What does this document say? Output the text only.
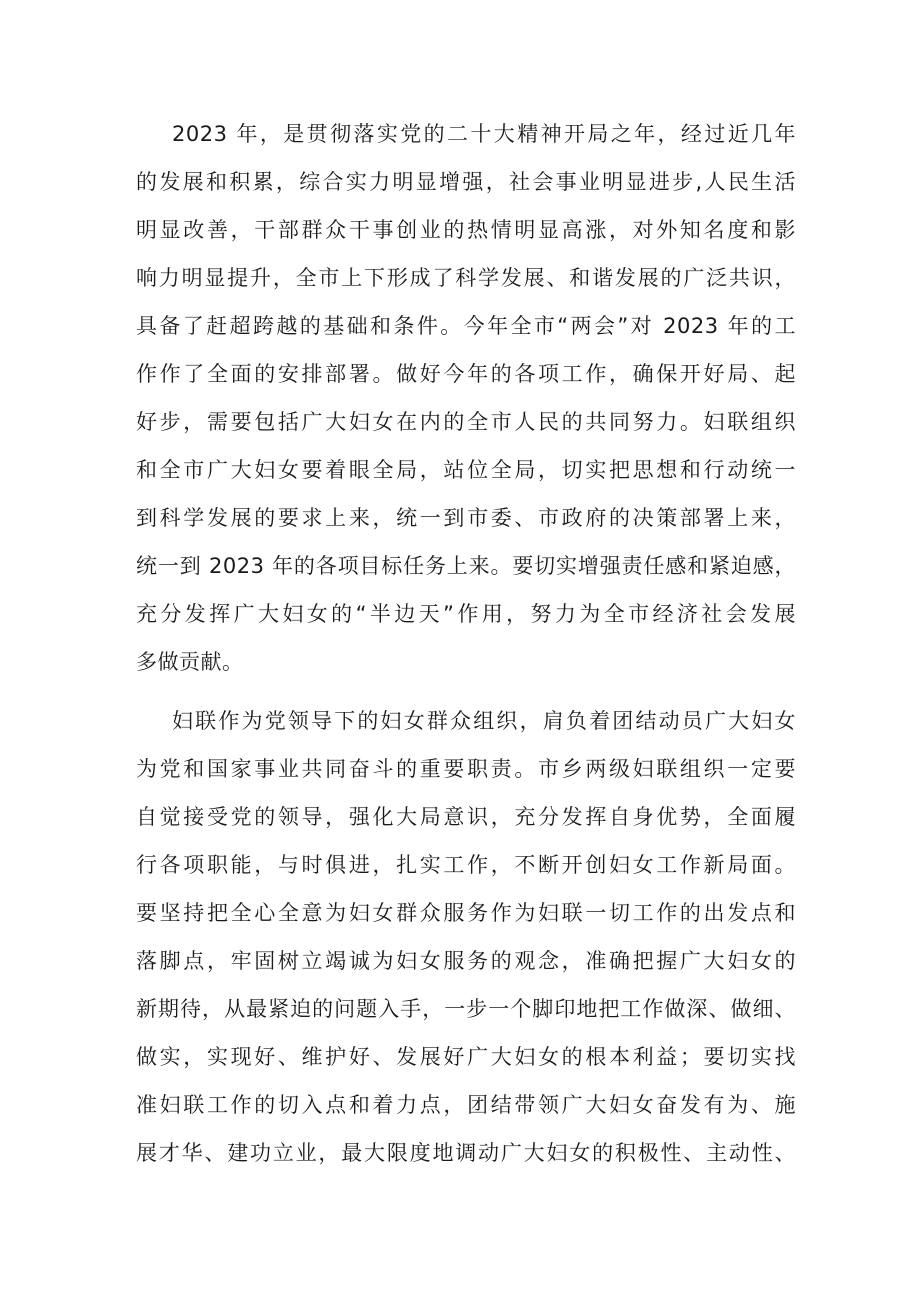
2023 年，是贯彻落实党的二十大精神开局之年，经过近几年
的发展和积累，综合实力明显增强，社会事业明显进步,人民生活
明显改善，干部群众干事创业的热情明显高涨，对外知名度和影
响力明显提升，全市上下形成了科学发展、和谐发展的广泛共识，
具备了赶超跨越的基础和条件。今年全市“两会”对 2023 年的工
作作了全面的安排部署。做好今年的各项工作，确保开好局、起
好步，需要包括广大妇女在内的全市人民的共同努力。妇联组织
和全市广大妇女要着眼全局，站位全局，切实把思想和行动统一
到科学发展的要求上来，统一到市委、市政府的决策部署上来，
统一到 2023 年的各项目标任务上来。要切实增强责任感和紧迫感，
充分发挥广大妇女的“半边天”作用，努力为全市经济社会发展
多做贡献。
妇联作为党领导下的妇女群众组织，肩负着团结动员广大妇女
为党和国家事业共同奋斗的重要职责。市乡两级妇联组织一定要
自觉接受党的领导，强化大局意识，充分发挥自身优势，全面履
行各项职能，与时俱进，扎实工作，不断开创妇女工作新局面。
要坚持把全心全意为妇女群众服务作为妇联一切工作的出发点和
落脚点，牢固树立竭诚为妇女服务的观念，准确把握广大妇女的
新期待，从最紧迫的问题入手，一步一个脚印地把工作做深、做细、
做实，实现好、维护好、发展好广大妇女的根本利益；要切实找
准妇联工作的切入点和着力点，团结带领广大妇女奋发有为、施
展才华、建功立业，最大限度地调动广大妇女的积极性、主动性、
